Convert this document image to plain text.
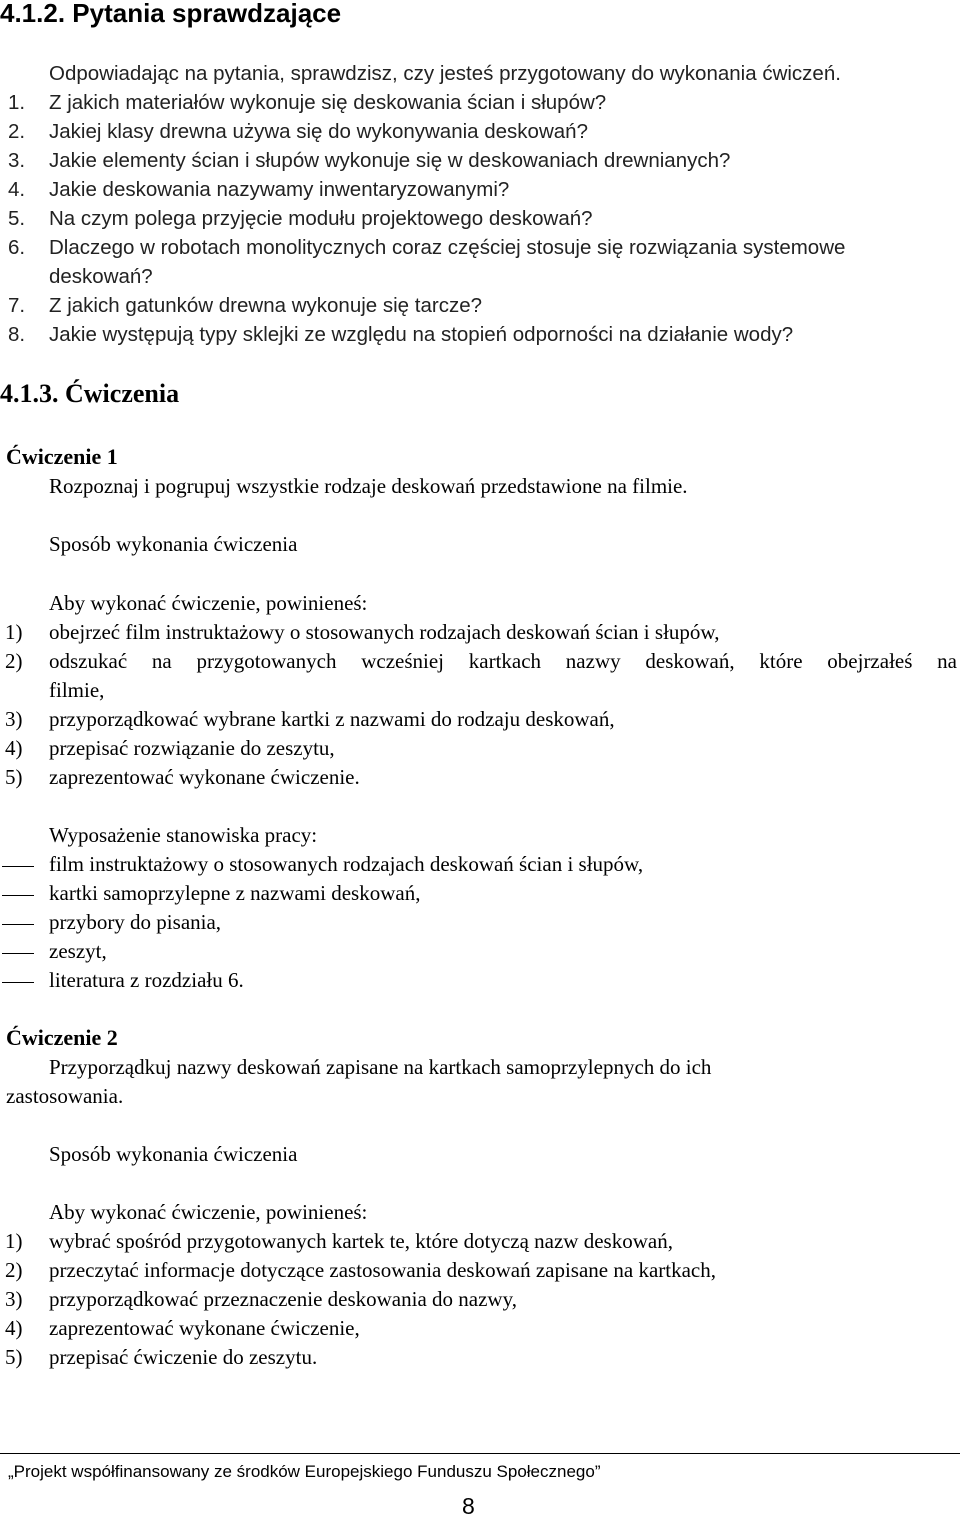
4.1.2. Pytania sprawdzające
Odpowiadając na pytania, sprawdzisz, czy jesteś przygotowany do wykonania ćwiczeń.
1. Z jakich materiałów wykonuje się deskowania ścian i słupów?
2. Jakiej klasy drewna używa się do wykonywania deskowań?
3. Jakie elementy ścian i słupów wykonuje się w deskowaniach drewnianych?
4. Jakie deskowania nazywamy inwentaryzowanymi?
5. Na czym polega przyjęcie modułu projektowego deskowań?
6. Dlaczego w robotach monolitycznych coraz częściej stosuje się rozwiązania systemowe
deskowań?
7. Z jakich gatunków drewna wykonuje się tarcze?
8. Jakie występują typy sklejki ze względu na stopień odporności na działanie wody?
4.1.3. Ćwiczenia
Ćwiczenie 1
Rozpoznaj i pogrupuj wszystkie rodzaje deskowań przedstawione na filmie.
Sposób wykonania ćwiczenia
Aby wykonać ćwiczenie, powinieneś:
1) obejrzeć film instruktażowy o stosowanych rodzajach deskowań ścian i słupów,
2) odszukać na przygotowanych wcześniej kartkach nazwy deskowań, które obejrzałeś na
filmie,
3) przyporządkować wybrane kartki z nazwami do rodzaju deskowań,
4) przepisać rozwiązanie do zeszytu,
5) zaprezentować wykonane ćwiczenie.
Wyposażenie stanowiska pracy:
film instruktażowy o stosowanych rodzajach deskowań ścian i słupów,
kartki samoprzylepne z nazwami deskowań,
przybory do pisania,
zeszyt,
literatura z rozdziału 6.
Ćwiczenie 2
Przyporządkuj nazwy deskowań zapisane na kartkach samoprzylepnych do ich
zastosowania.
Sposób wykonania ćwiczenia
Aby wykonać ćwiczenie, powinieneś:
1) wybrać spośród przygotowanych kartek te, które dotyczą nazw deskowań,
2) przeczytać informacje dotyczące zastosowania deskowań zapisane na kartkach,
3) przyporządkować przeznaczenie deskowania do nazwy,
4) zaprezentować wykonane ćwiczenie,
5) przepisać ćwiczenie do zeszytu.
„Projekt współfinansowany ze środków Europejskiego Funduszu Społecznego”
8
